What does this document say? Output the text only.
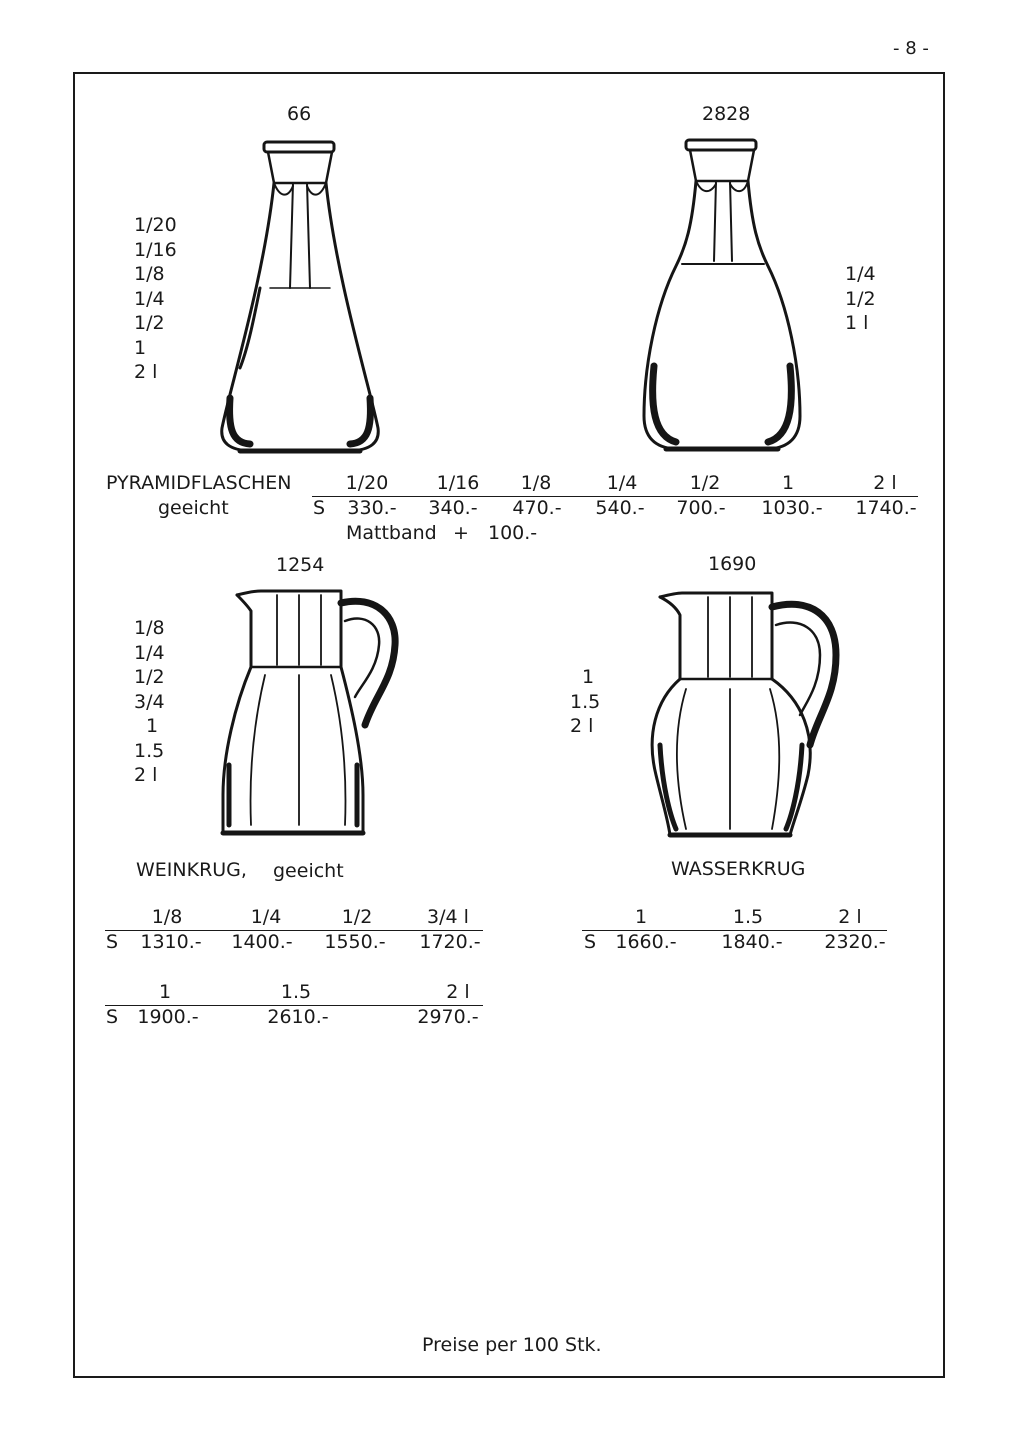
- 8 -
66
1/20
1/16
1/8
1/4
1/2
1
2 l
2828
1/4
1/2
1 l
PYRAMIDFLASCHEN
geeicht
1/20	1/16	1/8	1/4	1/2	1	2 l
S	330.-	340.-	470.-	540.-	700.-	1030.-	1740.-
Mattband + 100.-
1254
1/8
1/4
1/2
3/4
1
1.5
2 l
1690
1
1.5
2 l
WEINKRUG, geeicht
1/8	1/4	1/2	3/4 l
S	1310.-	1400.-	1550.-	1720.-
1	1.5	2 l
S	1900.-	2610.-	2970.-
WASSERKRUG
1	1.5	2 l
S	1660.-	1840.-	2320.-
Preise per 100 Stk.
